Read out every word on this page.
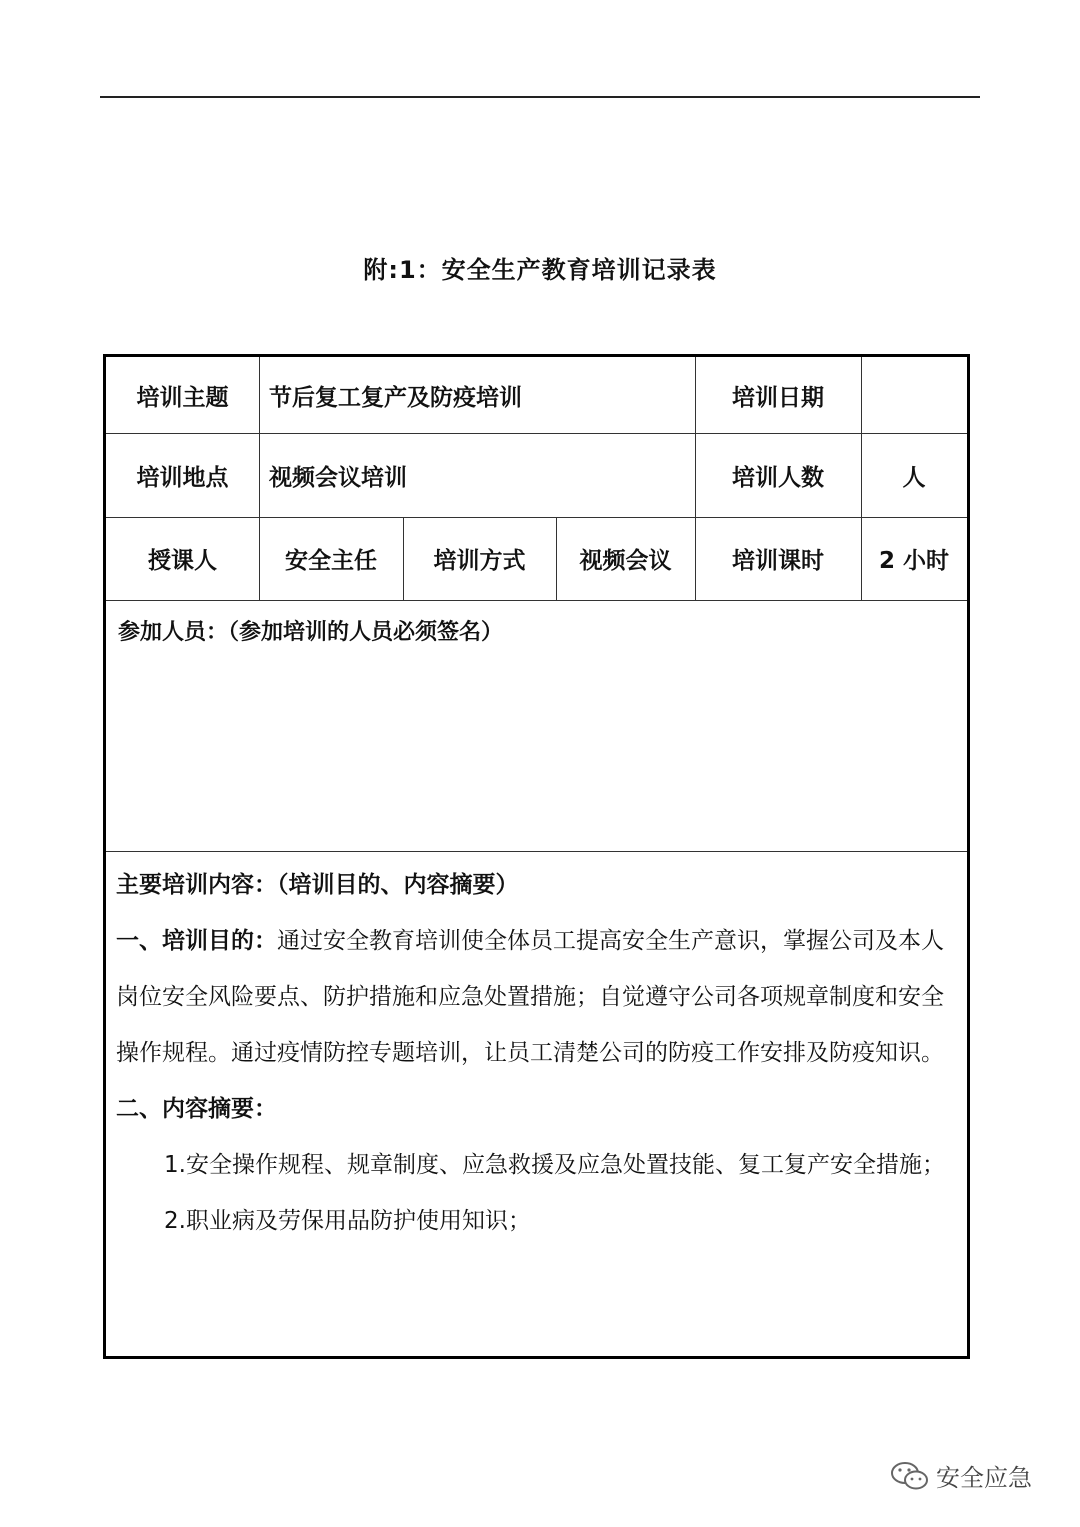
附:1：安全生产教育培训记录表
培训主题	节后复工复产及防疫培训	培训日期
培训地点	视频会议培训	培训人数	人
授课人	安全主任	培训方式	视频会议	培训课时	2 小时
参加人员：（参加培训的人员必须签名）

主要培训内容：（培训目的、内容摘要）

一、培训目的：通过安全教育培训使全体员工提高安全生产意识，掌握公司及本人岗位安全风险要点、防护措施和应急处置措施；自觉遵守公司各项规章制度和安全操作规程。通过疫情防控专题培训，让员工清楚公司的防疫工作安排及防疫知识。

二、内容摘要：

1.安全操作规程、规章制度、应急救援及应急处置技能、复工复产安全措施；

2.职业病及劳保用品防护使用知识；

安全应急
